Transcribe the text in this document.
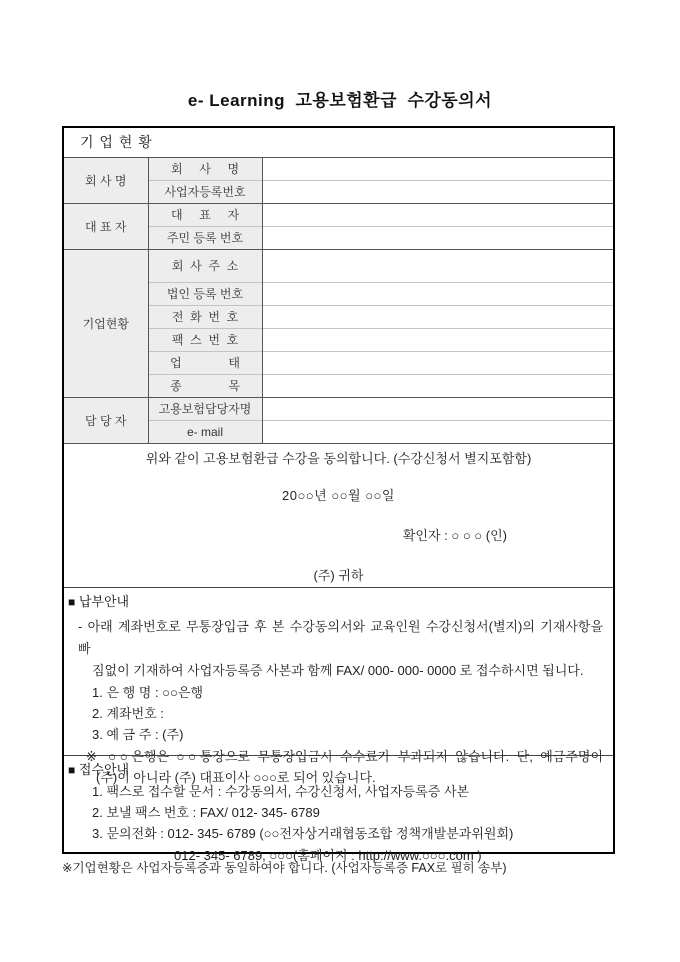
e- Learning  고용보험환급  수강동의서
기 업 현 황		
회 사 명	회     사     명	
	사업자등록번호	
대 표 자	대     표     자	
	주민 등록 번호	
기업현황	회  사  주  소	
	법인 등록 번호	
	전  화  번  호	
	팩  스  번  호	
	업              태	
	종              목	
담 당 자	고용보험담당자명	
	e- mail	
위와 같이 고용보험환급 수강을 동의합니다. (수강신청서 별지포함함)
20○○년 ○○월 ○○일
확인자 : ○ ○ ○ (인)
(주) 귀하
■ 납부안내
- 아래 계좌번호로 무통장입금 후 본 수강동의서와 교육인원 수강신청서(별지)의 기재사항을 빠
짐없이 기재하여 사업자등록증 사본과 함께 FAX/ 000- 000- 0000 로 접수하시면 됩니다.
1. 은 행 명 : ○○은행
2. 계좌번호 :
3. 예 금 주 : (주)
※ ○○은행은 ○○통장으로 무통장입금시 수수료가 부과되지 않습니다. 단, 예금주명이
(주)이 아니라 (주) 대표이사 ○○○로 되어 있습니다.
■ 접수안내
1. 팩스로 접수할 문서 : 수강동의서, 수강신청서, 사업자등록증 사본
2. 보낼 팩스 번호 : FAX/ 012- 345- 6789
3. 문의전화 : 012- 345- 6789 (○○전자상거래협동조합 정책개발분과위원회)
012- 345- 6789, ○○○(홈페이지 : http://www.○○○.com )
※기업현황은 사업자등록증과 동일하여야 합니다. (사업자등록증 FAX로 필히 송부)
